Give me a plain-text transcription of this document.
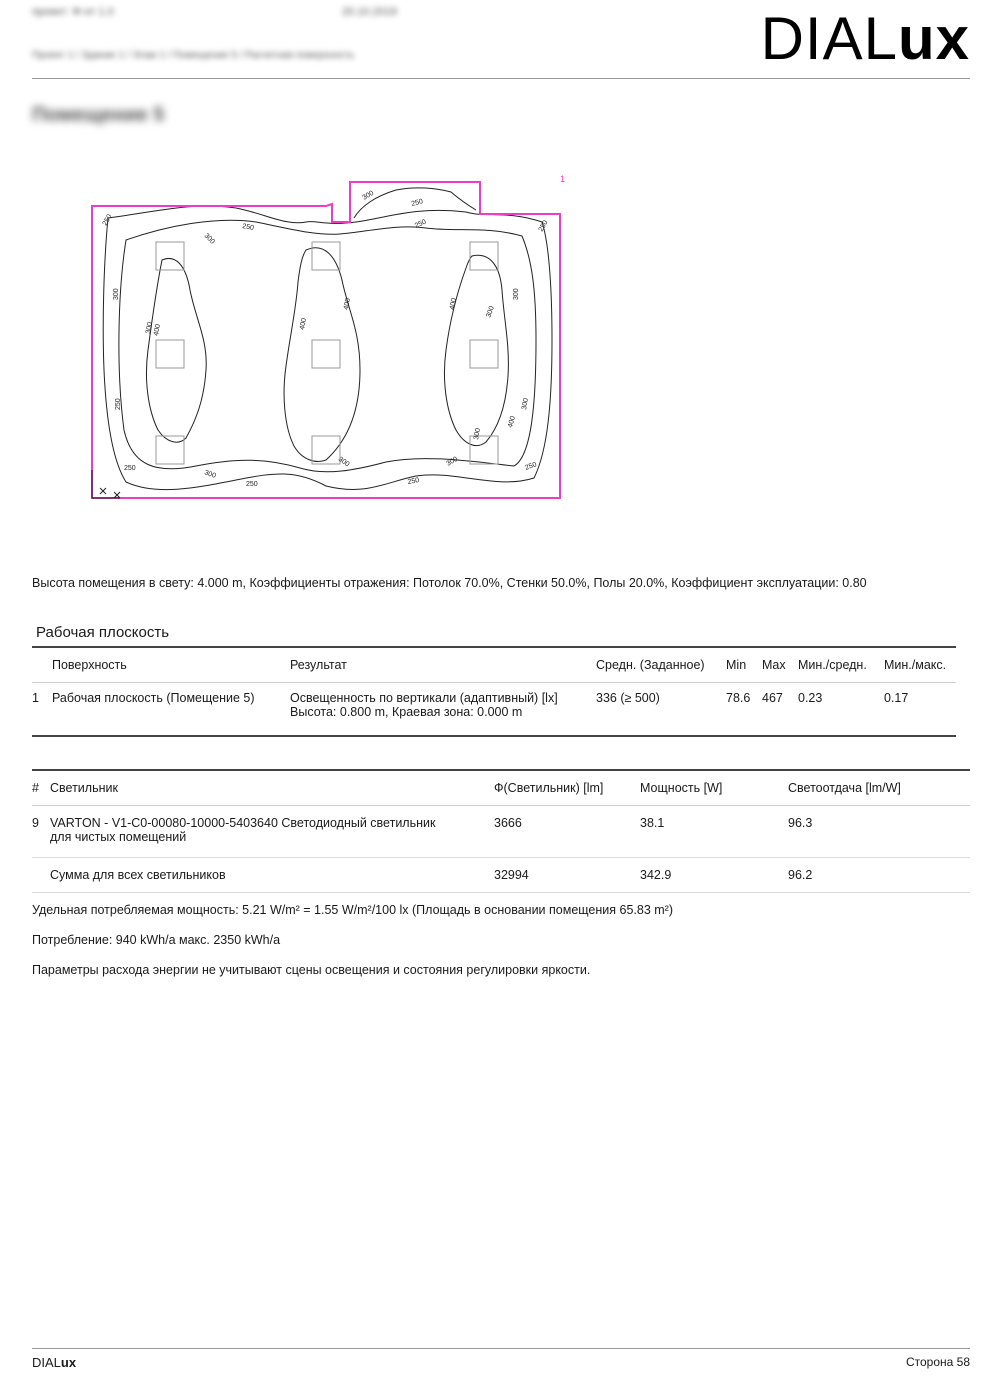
проект: Ф-от 1.0	20.10.2019
Проект 1 / Здание 1 / Этаж 1 / Помещение 5 / Расчетная поверхность	DIALux
Помещение 5
250
300
250
300
250
250	250
300
250
300
300
300
400
400	400
400	400
300
300
300
250	250
300
300
250	250
1
Высота помещения в свету: 4.000 m, Коэффициенты отражения: Потолок 70.0%, Стенки 50.0%, Полы 20.0%, Коэффициент эксплуатации: 0.80
Рабочая плоскость
	Поверхность	Результат	Средн. (Заданное)	Min	Max	Мин./средн.	Мин./макс.
1	Рабочая плоскость (Помещение 5)	Освещенность по вертикали (адаптивный) [lx]
Высота: 0.800 m, Краевая зона: 0.000 m	336 (≥ 500)	78.6	467	0.23	0.17
#	Светильник	Ф(Светильник) [lm]	Мощность [W]	Светоотдача [lm/W]
9	VARTON - V1-C0-00080-10000-5403640 Светодиодный светильник
для чистых помещений	3666	38.1	96.3
	Сумма для всех светильников	32994	342.9	96.2
Удельная потребляемая мощность: 5.21 W/m² = 1.55 W/m²/100 lx (Площадь в основании помещения 65.83 m²)
Потребление: 940 kWh/a макс. 2350 kWh/a
Параметры расхода энергии не учитывают сцены освещения и состояния регулировки яркости.
DIALux	Сторона 58
